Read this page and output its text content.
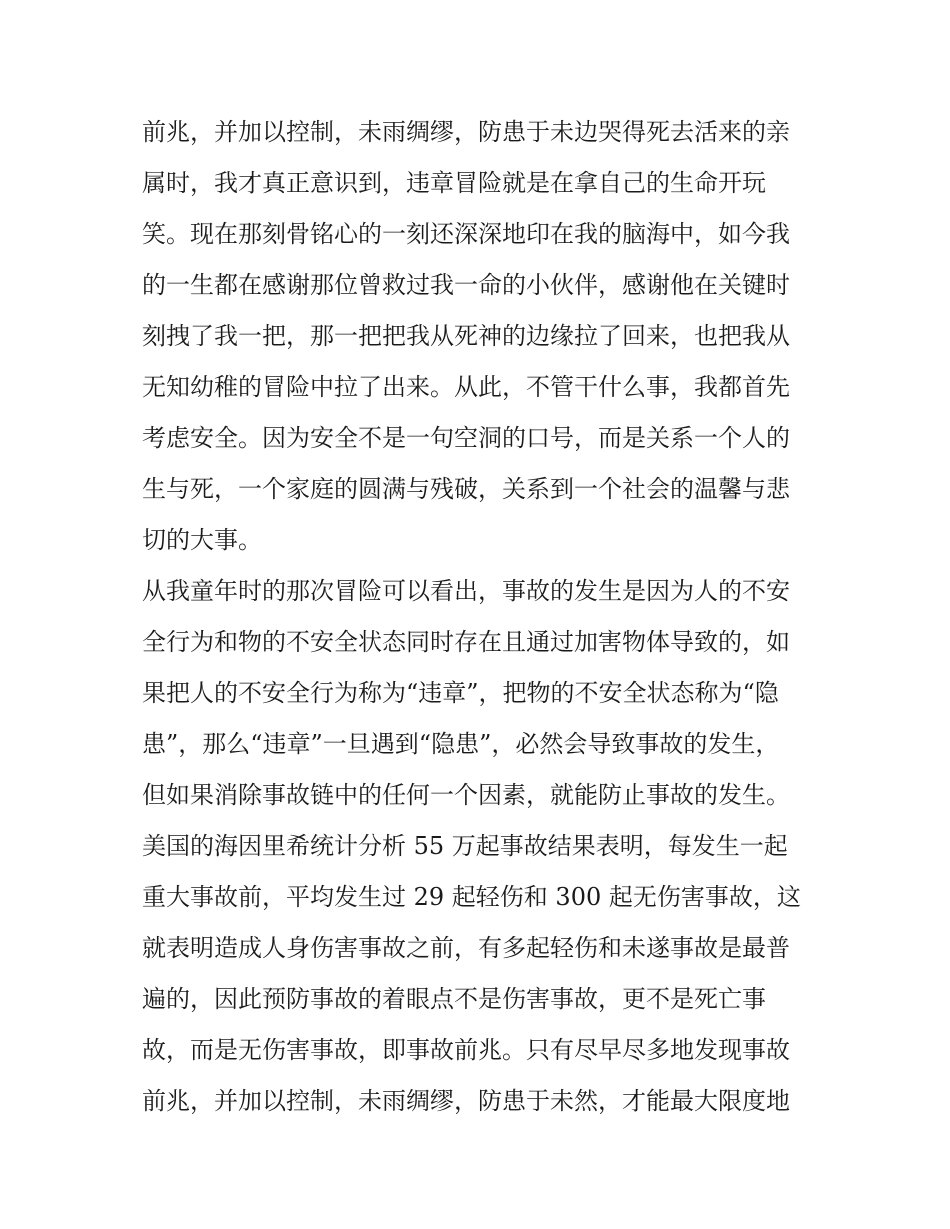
前兆，并加以控制，未雨绸缪，防患于未边哭得死去活来的亲
属时，我才真正意识到，违章冒险就是在拿自己的生命开玩
笑。现在那刻骨铭心的一刻还深深地印在我的脑海中，如今我
的一生都在感谢那位曾救过我一命的小伙伴，感谢他在关键时
刻拽了我一把，那一把把我从死神的边缘拉了回来，也把我从
无知幼稚的冒险中拉了出来。从此，不管干什么事，我都首先
考虑安全。因为安全不是一句空洞的口号，而是关系一个人的
生与死，一个家庭的圆满与残破，关系到一个社会的温馨与悲
切的大事。
从我童年时的那次冒险可以看出，事故的发生是因为人的不安
全行为和物的不安全状态同时存在且通过加害物体导致的，如
果把人的不安全行为称为“违章”，把物的不安全状态称为“隐
患”，那么“违章”一旦遇到“隐患”，必然会导致事故的发生，
但如果消除事故链中的任何一个因素，就能防止事故的发生。
美国的海因里希统计分析 55 万起事故结果表明，每发生一起
重大事故前，平均发生过 29 起轻伤和 300 起无伤害事故，这
就表明造成人身伤害事故之前，有多起轻伤和未遂事故是最普
遍的，因此预防事故的着眼点不是伤害事故，更不是死亡事
故，而是无伤害事故，即事故前兆。只有尽早尽多地发现事故
前兆，并加以控制，未雨绸缪，防患于未然，才能最大限度地
